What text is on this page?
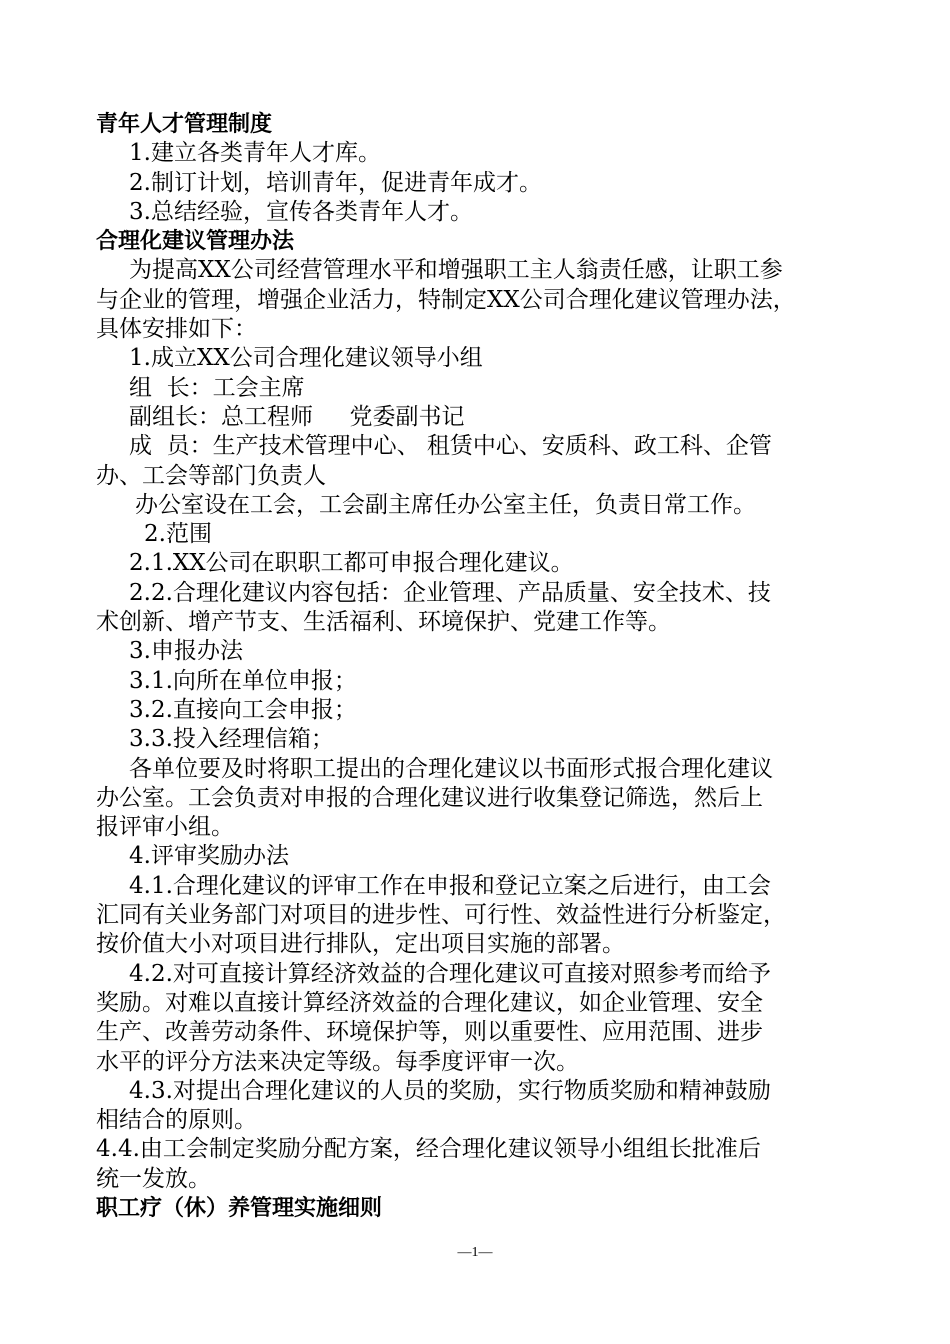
青年人才管理制度

1.建立各类青年人才库。

2.制订计划，培训青年，促进青年成才。

3.总结经验，宣传各类青年人才。

合理化建议管理办法

为提高XX公司经营管理水平和增强职工主人翁责任感，让职工参

与企业的管理，增强企业活力，特制定XX公司合理化建议管理办法，

具体安排如下：

1.成立XX公司合理化建议领导小组

组  长：工会主席

副组长：总工程师     党委副书记

成  员：生产技术管理中心、 租赁中心、安质科、政工科、企管

办、工会等部门负责人

办公室设在工会，工会副主席任办公室主任，负责日常工作。

2.范围

2.1.XX公司在职职工都可申报合理化建议。

2.2.合理化建议内容包括：企业管理、产品质量、安全技术、技

术创新、增产节支、生活福利、环境保护、党建工作等。

3.申报办法

3.1.向所在单位申报；

3.2.直接向工会申报；

3.3.投入经理信箱；

各单位要及时将职工提出的合理化建议以书面形式报合理化建议

办公室。工会负责对申报的合理化建议进行收集登记筛选，然后上

报评审小组。

4.评审奖励办法

4.1.合理化建议的评审工作在申报和登记立案之后进行，由工会

汇同有关业务部门对项目的进步性、可行性、效益性进行分析鉴定，

按价值大小对项目进行排队，定出项目实施的部署。

4.2.对可直接计算经济效益的合理化建议可直接对照参考而给予

奖励。对难以直接计算经济效益的合理化建议，如企业管理、安全

生产、改善劳动条件、环境保护等，则以重要性、应用范围、进步

水平的评分方法来决定等级。每季度评审一次。

4.3.对提出合理化建议的人员的奖励，实行物质奖励和精神鼓励

相结合的原则。

4.4.由工会制定奖励分配方案，经合理化建议领导小组组长批准后

统一发放。

职工疗（休）养管理实施细则

—1—
